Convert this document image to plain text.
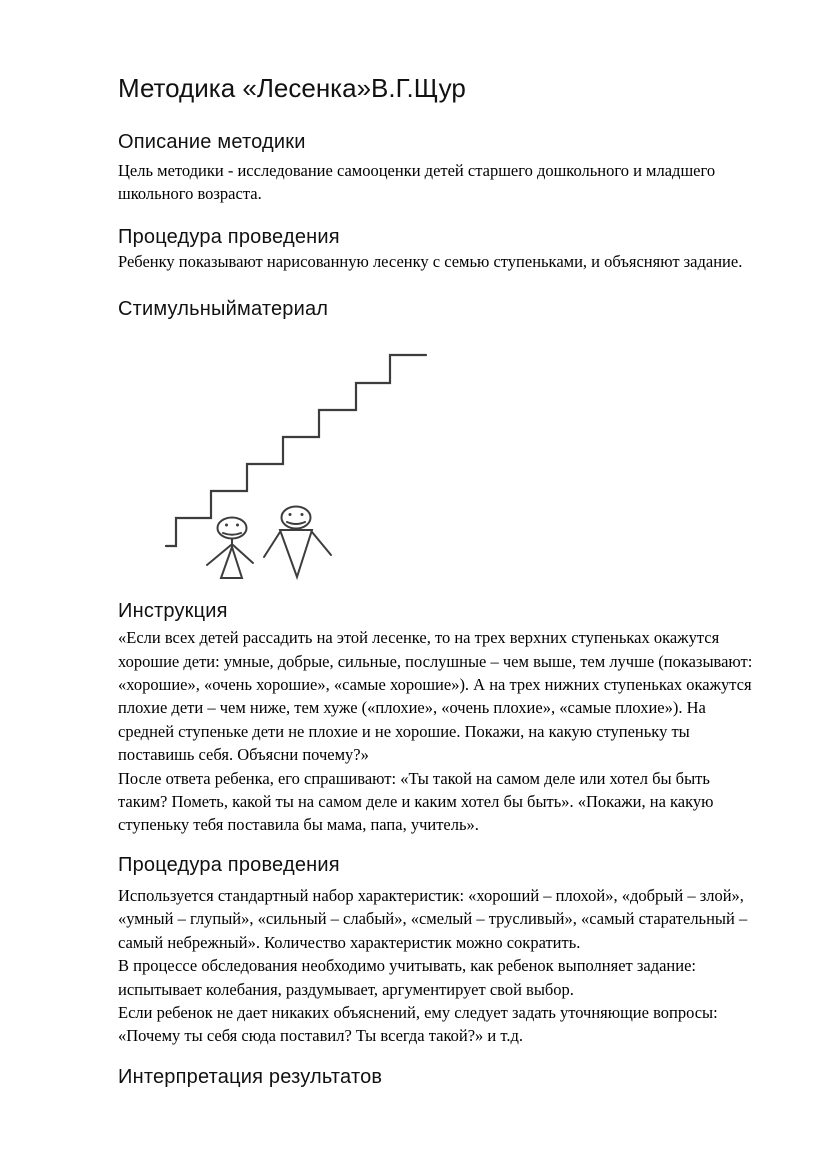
Методика «Лесенка»В.Г.Щур
Описание методики
Цель методики - исследование самооценки детей старшего дошкольного и младшего
школьного возраста.
Процедура проведения
Ребенку показывают нарисованную лесенку с семью ступеньками, и объясняют задание.
Стимульныйматериал
Инструкция
«Если всех детей рассадить на этой лесенке, то на трех верхних ступеньках окажутся
хорошие дети: умные, добрые, сильные, послушные – чем выше, тем лучше (показывают:
«хорошие», «очень хорошие», «самые хорошие»). А на трех нижних ступеньках окажутся
плохие дети – чем ниже, тем хуже («плохие», «очень плохие», «самые плохие»). На
средней ступеньке дети не плохие и не хорошие. Покажи, на какую ступеньку ты
поставишь себя. Объясни почему?»
После ответа ребенка, его спрашивают: «Ты такой на самом деле или хотел бы быть
таким? Пометь, какой ты на самом деле и каким хотел бы быть». «Покажи, на какую
ступеньку тебя поставила бы мама, папа, учитель».
Процедура проведения
Используется стандартный набор характеристик: «хороший – плохой», «добрый – злой»,
«умный – глупый», «сильный – слабый», «смелый – трусливый», «самый старательный –
самый небрежный». Количество характеристик можно сократить.
В процессе обследования необходимо учитывать, как ребенок выполняет задание:
испытывает колебания, раздумывает, аргументирует свой выбор.
Если ребенок не дает никаких объяснений, ему следует задать уточняющие вопросы:
«Почему ты себя сюда поставил? Ты всегда такой?» и т.д.
Интерпретация результатов
